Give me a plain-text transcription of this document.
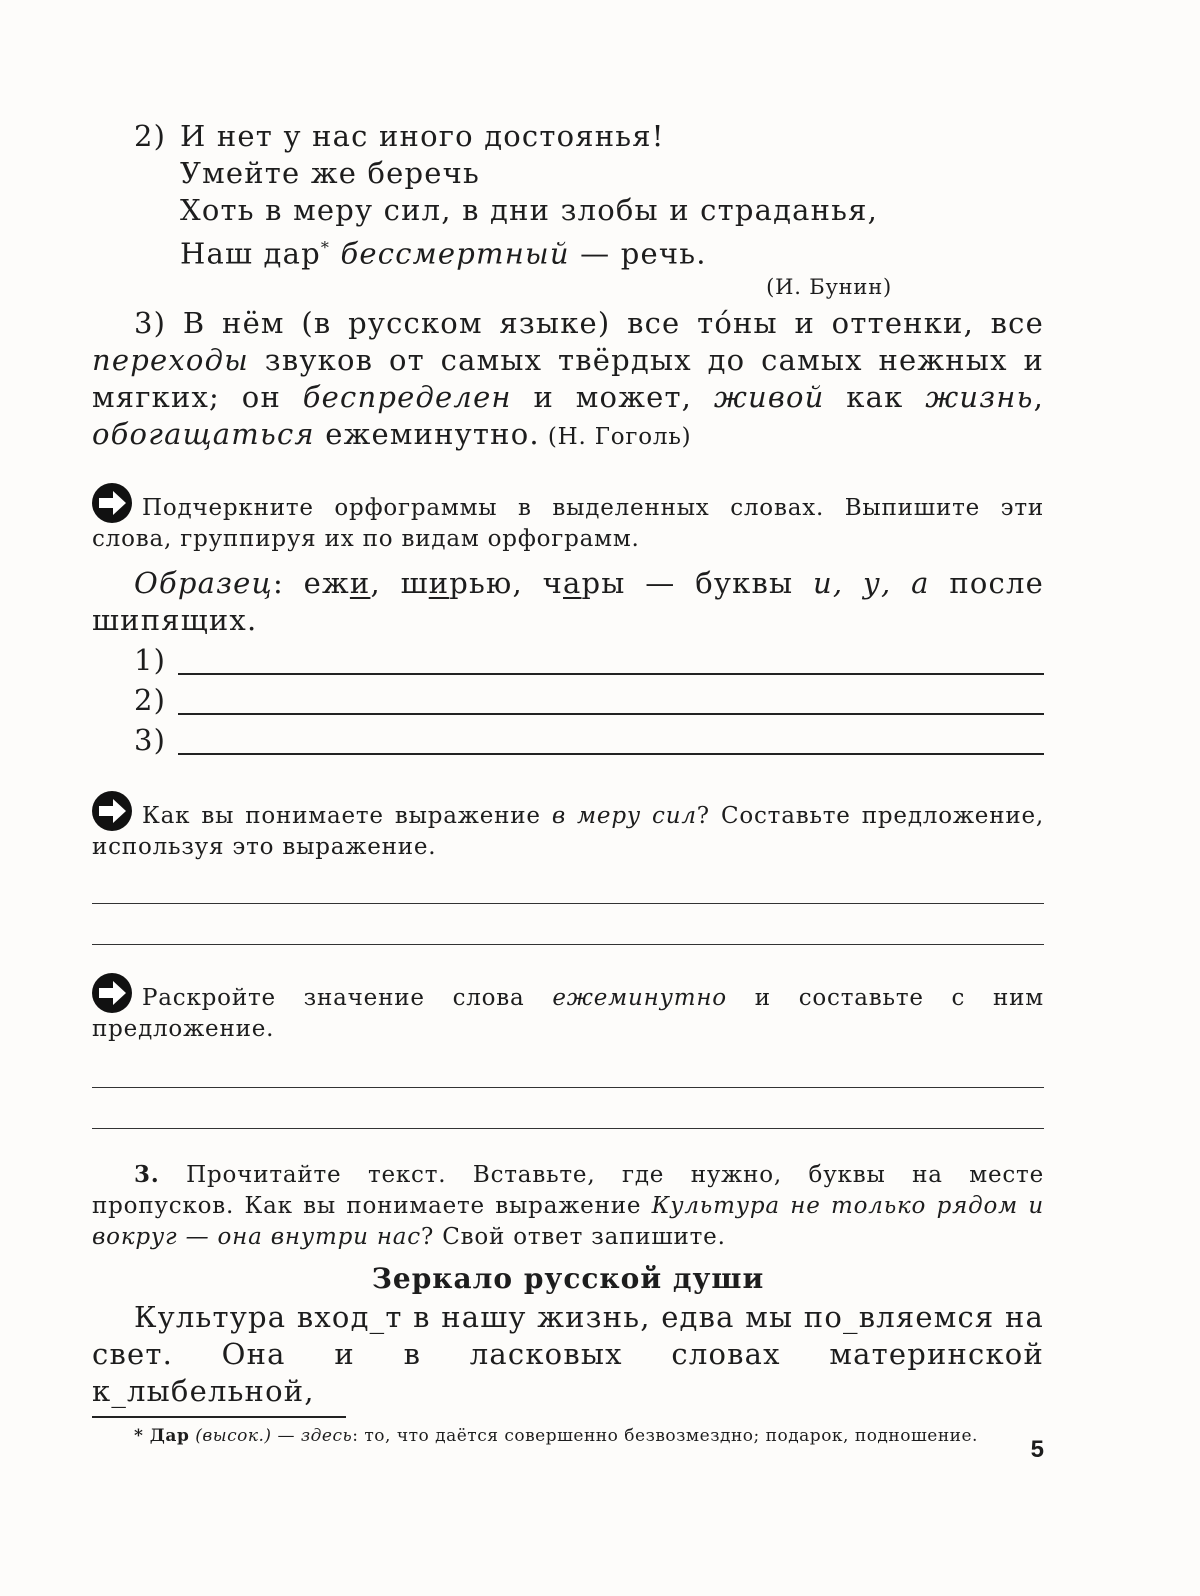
2) И нет у нас иного достоянья!
Умейте же беречь
Хоть в меру сил, в дни злобы и страданья,
Наш дар* бессмертный — речь.
(И. Бунин)

3) В нём (в русском языке) все то́ны и оттенки, все переходы звуков от самых твёрдых до самых нежных и мягких; он беспределен и может, живой как жизнь, обогащаться ежеминутно. (Н. Гоголь)

Подчеркните орфограммы в выделенных словах. Выпишите эти слова, группируя их по видам орфограмм.

Образец: ежи, ширью, чары — буквы и, у, а после шипящих.

1)
2)
3)

Как вы понимаете выражение в меру сил? Составьте предложение, используя это выражение.

Раскройте значение слова ежеминутно и составьте с ним предложение.

3. Прочитайте текст. Вставьте, где нужно, буквы на месте пропусков. Как вы понимаете выражение Культура не только рядом и вокруг — она внутри нас? Свой ответ запишите.

Зеркало русской души

Культура вход_т в нашу жизнь, едва мы по_вляемся на свет. Она и в ласковых словах материнской к_лыбельной,

* Дар (высок.) — здесь: то, что даётся совершенно безвозмездно; подарок, подношение.

5
